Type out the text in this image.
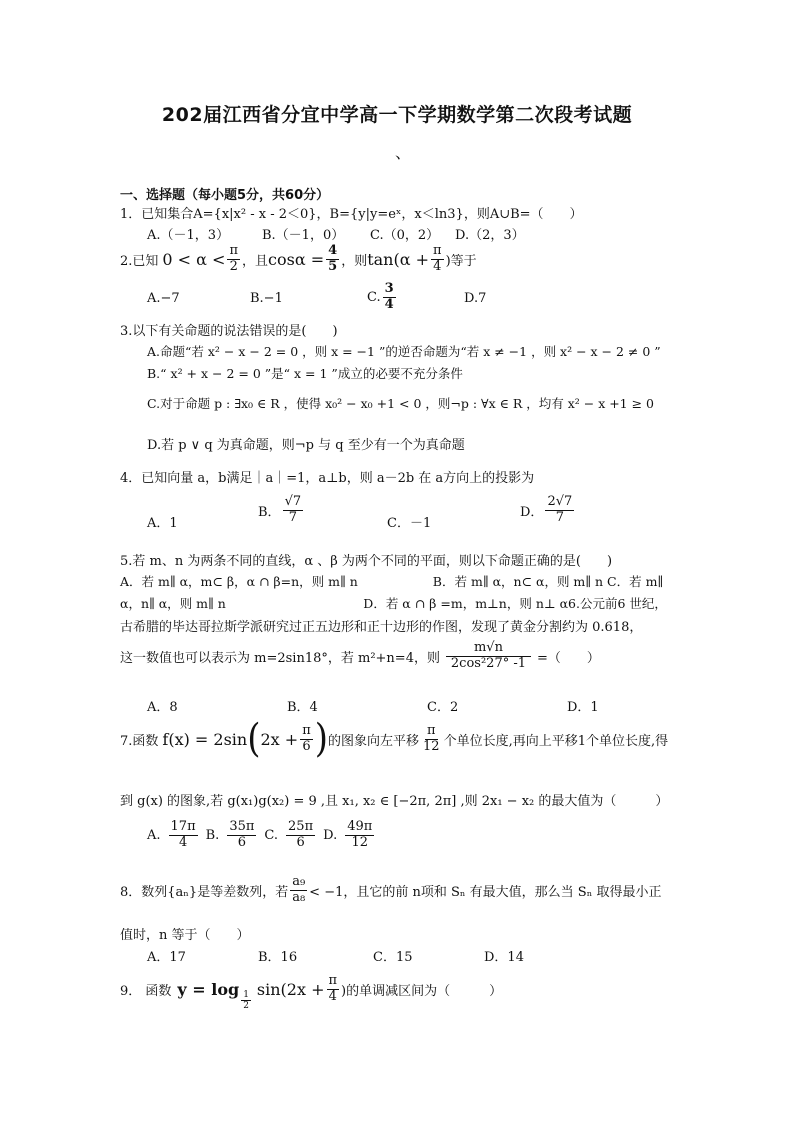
202届江西省分宜中学高一下学期数学第二次段考试题
、
一、选择题（每小题5分，共60分）
1．已知集合A={x|x² - x - 2＜0}，B={y|y=eˣ，x＜ln3}，则A∪B=（　　）
A.（－1，3）	B.（－1，0） C.（0，2） D.（2，3）
2.已知 $0 < \alpha < \frac{\pi}{2}$ ，且 $\cos\alpha = \frac{4}{5}$ ，则 $\tan(\alpha + \frac{\pi}{4}$ )等于
A.−7	B.−1	C. $\frac{3}{4}$	D.7
3.以下有关命题的说法错误的是(　　)
A.命题“若 x² − x − 2 = 0 ，则 x = −1 ”的逆否命题为“若 x ≠ −1 ，则 x² − x − 2 ≠ 0 ”
B.“ x² + x − 2 = 0 ”是“ x = 1 ”成立的必要不充分条件
C.对于命题 p : ∃x₀ ∈ R ，使得 x₀² − x₀ +1 < 0 ，则¬p : ∀x ∈ R ，均有 x² − x +1 ≥ 0
D.若 p ∨ q 为真命题，则¬p 与 q 至少有一个为真命题
4．已知向量 a，b满足｜a｜=1，a⊥b，则 a－2b 在 a方向上的投影为
A．1
B． $\frac{√7}{7}$	C．－1
D． $\frac{2√7}{7}$
5.若 m、n 为两条不同的直线，α 、β 为两个不同的平面，则以下命题正确的是(　　)
A．若 m∥ α，m⊂ β，α ∩ β=n，则 m∥ n　　　　　　B．若 m∥ α，n⊂ α，则 m∥ n C．若 m∥
α，n∥ α，则 m∥ n　　　　　　　　　　　D．若 α ∩ β =m，m⊥n，则 n⊥ α6.公元前6 世纪，
古希腊的毕达哥拉斯学派研究过正五边形和正十边形的作图，发现了黄金分割约为 0.618，
这一数值也可以表示为 m=2sin18°，若 m²+n=4，则 $\frac{m√n}{\text{2cos²27° -1}}$ =（　　）
A．8	B．4	C．2	D．1
7.函数 f(x) = 2sin ( $2x + \frac{\pi}{6}$ ) 的图象向左平移 $\frac{\pi}{12}$ 个单位长度,再向上平移1个单位长度,得
到 g(x) 的图象,若 g(x₁)g(x₂) = 9 ,且 x₁, x₂ ∈ [−2π, 2π] ,则 2x₁ − x₂ 的最大值为（　　　）
A. $\frac{17\pi}{4} B$. $\frac{35\pi}{6} C$. $\frac{25\pi}{6} D$. $\frac{49\pi}{12}$
8．数列{aₙ}是等差数列，若 $\frac{\text{a₉}}{\text{a₈}} < -1$，且它的前 n项和 Sₙ 有最大值，那么当 Sₙ 取得最小正
值时，n 等于（　　）
A．17	B．16	C．15	D．14
9． 函数 y = log
$\frac{1}{2}$
$\sin(2x + \frac{\pi}{4}$ )的单调减区间为（　　　）
